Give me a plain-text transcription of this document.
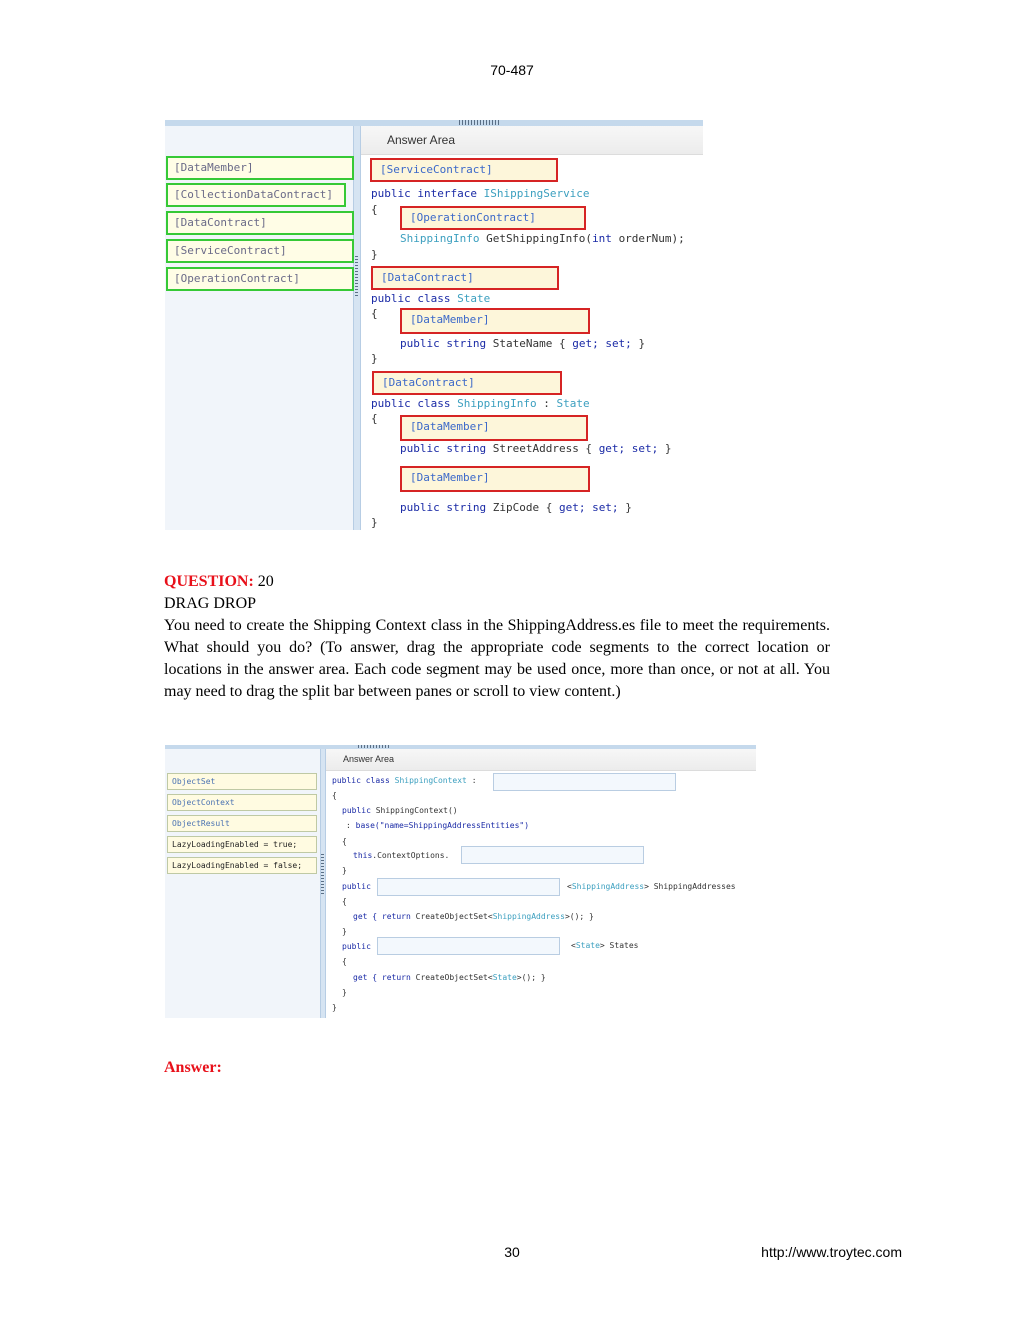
70-487
Answer Area
[DataMember]
[CollectionDataContract]
[DataContract]
[ServiceContract]
[OperationContract]
[ServiceContract]
[OperationContract]
[DataContract]
[DataMember]
[DataContract]
[DataMember]
[DataMember]
public interface IShippingService
{
ShippingInfo GetShippingInfo(int orderNum);
}
public class State
{
public string StateName { get; set; }
}
public class ShippingInfo : State
{
public string StreetAddress { get; set; }
public string ZipCode { get; set; }
}
QUESTION: 20
DRAG DROP
You need to create the Shipping Context class in the ShippingAddress.es file to meet the requirements. What should you do? (To answer, drag the appropriate code segments to the correct location or locations in the answer area. Each code segment may be used once, more than once, or not at all. You may need to drag the split bar between panes or scroll to view content.)
Answer Area
ObjectSet
ObjectContext
ObjectResult
LazyLoadingEnabled = true;
LazyLoadingEnabled = false;
public class ShippingContext :
{
public ShippingContext()
: base("name=ShippingAddressEntities")
{
this.ContextOptions.
}
public	<ShippingAddress> ShippingAddresses
{
get { return CreateObjectSet<ShippingAddress>(); }
}
public	<State> States
{
get { return CreateObjectSet<State>(); }
}
}
Answer:
30	http://www.troytec.com
